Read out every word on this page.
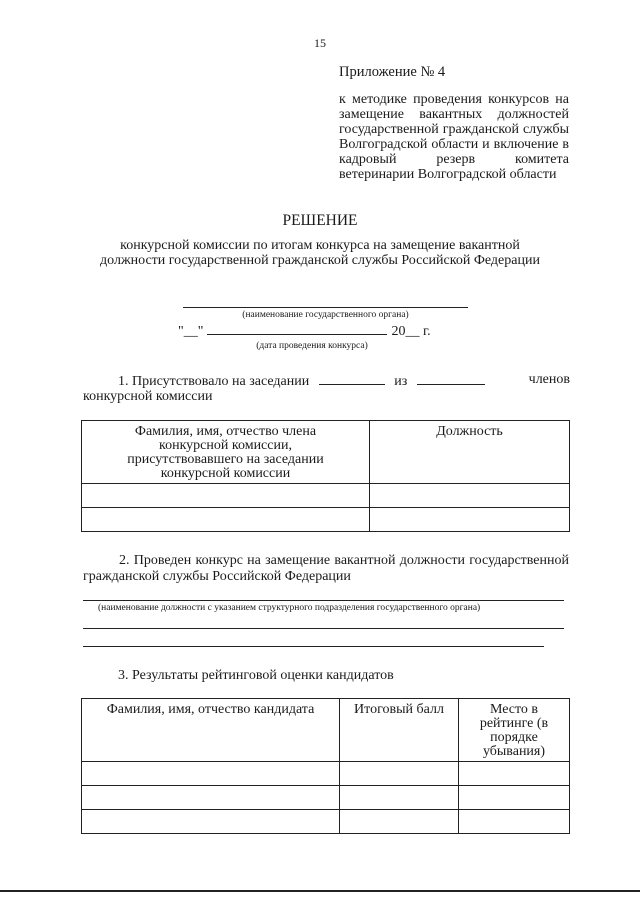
15
Приложение № 4
к методике проведения конкурсов на замещение вакантных должностей государственной гражданской службы Волгоградской области и включение в кадровый резерв комитета ветеринарии Волгоградской области
РЕШЕНИЕ
конкурсной комиссии по итогам конкурса на замещение вакантной должности государственной гражданской службы Российской Федерации
(наименование государственного органа)
"__"	20__ г.
(дата проведения конкурса)
1. Присутствовало на заседании	из	членов
конкурсной комиссии
Фамилия, имя, отчество члена конкурсной комиссии, присутствовавшего на заседании конкурсной комиссии	Должность

2. Проведен конкурс на замещение вакантной должности государственной гражданской службы Российской Федерации
(наименование должности с указанием структурного подразделения государственного органа)
3. Результаты рейтинговой оценки кандидатов
Фамилия, имя, отчество кандидата	Итоговый балл	Место в рейтинге (в порядке убывания)
